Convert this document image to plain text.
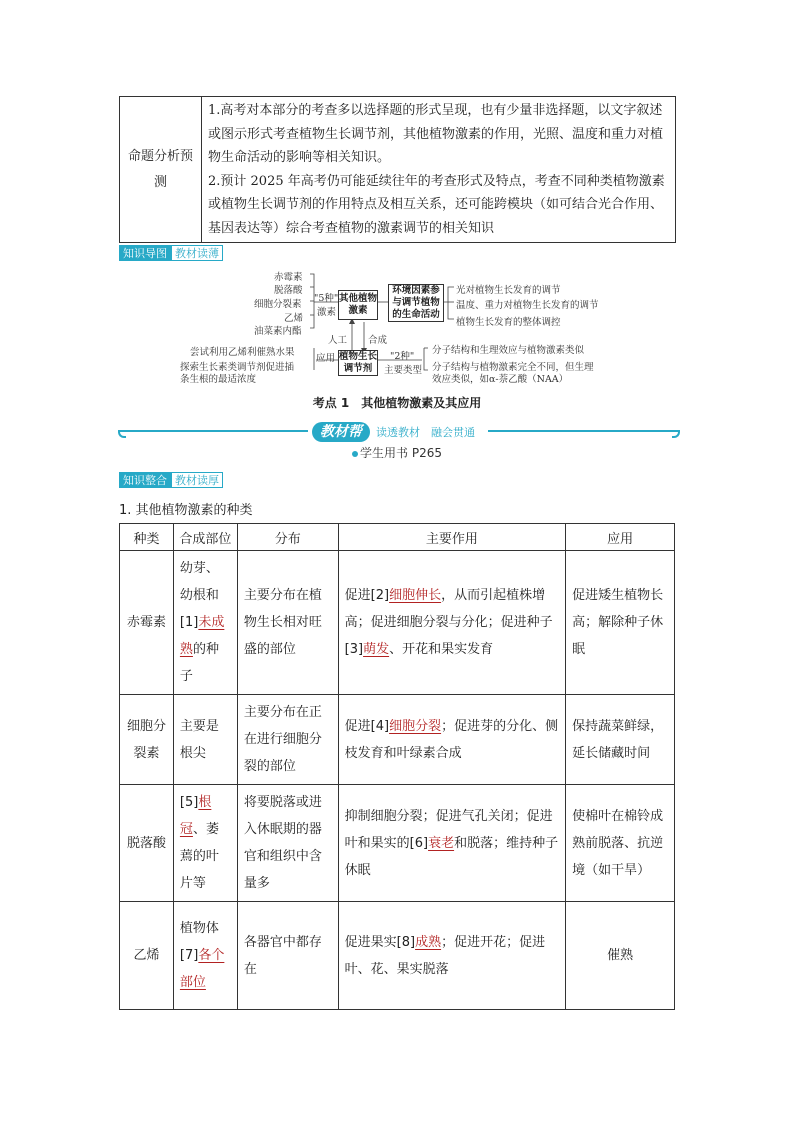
命题分析预测	

1.高考对本部分的考查多以选择题的形式呈现，也有少量非选择题，以文字叙述或图示形式考查植物生长调节剂，其他植物激素的作用，光照、温度和重力对植物生命活动的影响等相关知识。

2.预计 2025 年高考仍可能延续往年的考查形式及特点，考查不同种类植物激素或植物生长调节剂的作用特点及相互关系，还可能跨模块（如可结合光合作用、基因表达等）综合考查植物的激素调节的相关知识

知识导图 教材读薄
赤霉素
脱落酸
细胞分裂素
乙烯
油菜素内酯
"5种"
激素
其他植物激素
环境因素参与调节植物的生命活动
光对植物生长发育的调节
温度、重力对植物生长发育的调节
植物生长发育的整体调控
人工 合成
植物生长调节剂
应用
尝试利用乙烯利催熟水果
探索生长素类调节剂促进插
条生根的最适浓度
"2种"
主要类型
分子结构和生理效应与植物激素类似
分子结构与植物激素完全不同，但生理
效应类似，如α-萘乙酸（NAA）
考点 1　其他植物激素及其应用
教材帮	读透教材　融会贯通
学生用书 P265
知识整合 教材读厚
1. 其他植物激素的种类
种类	合成部位	分布	主要作用	应用
赤霉素	幼芽、幼根和[1]未成熟的种子	主要分布在植物生长相对旺盛的部位	促进[2]细胞伸长，从而引起植株增高；促进细胞分裂与分化；促进种子[3]萌发、开花和果实发育	促进矮生植物长高；解除种子休眠
细胞分裂素	主要是根尖	主要分布在正在进行细胞分裂的部位	促进[4]细胞分裂；促进芽的分化、侧枝发育和叶绿素合成	保持蔬菜鲜绿，延长储藏时间
脱落酸	[5]根冠、萎蔫的叶片等	将要脱落或进入休眠期的器官和组织中含量多	抑制细胞分裂；促进气孔关闭；促进叶和果实的[6]衰老和脱落；维持种子休眠	使棉叶在棉铃成熟前脱落、抗逆境（如干旱）
乙烯	植物体[7]各个部位	各器官中都存在	促进果实[8]成熟；促进开花；促进叶、花、果实脱落	催熟
